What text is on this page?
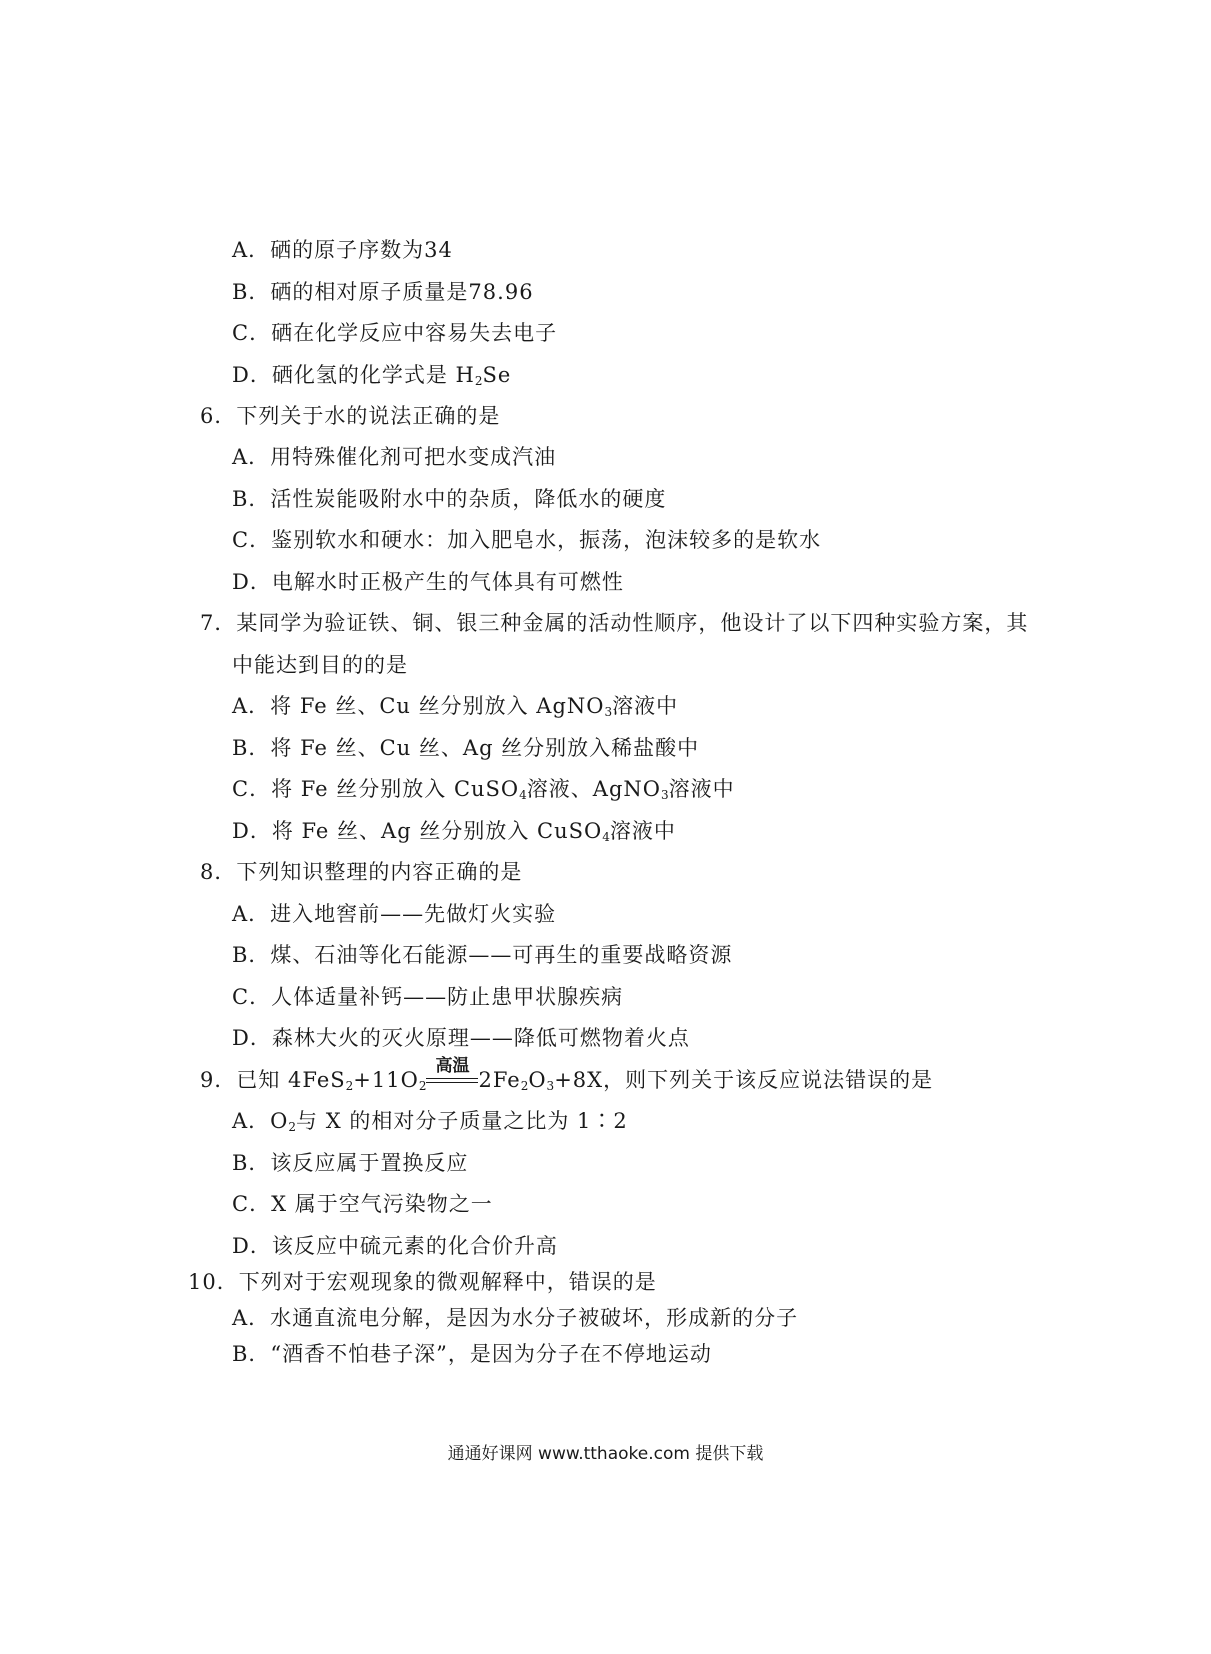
A．硒的原子序数为34
B．硒的相对原子质量是78.96
C．硒在化学反应中容易失去电子
D．硒化氢的化学式是 $H_2Se$
6．下列关于水的说法正确的是
A．用特殊催化剂可把水变成汽油
B．活性炭能吸附水中的杂质，降低水的硬度
C．鉴别软水和硬水：加入肥皂水，振荡，泡沫较多的是软水
D．电解水时正极产生的气体具有可燃性
7．某同学为验证铁、铜、银三种金属的活动性顺序，他设计了以下四种实验方案，其
中能达到目的的是
A．将 Fe 丝、Cu 丝分别放入 AgNO$_3$溶液中
B．将 Fe 丝、Cu 丝、Ag 丝分别放入稀盐酸中
C．将 Fe 丝分别放入 CuSO$_4$溶液、AgNO$_3$溶液中
D．将 Fe 丝、Ag 丝分别放入 CuSO$_4$溶液中
8．下列知识整理的内容正确的是
A．进入地窖前——先做灯火实验
B．煤、石油等化石能源——可再生的重要战略资源
C．人体适量补钙——防止患甲状腺疾病
D．森林大火的灭火原理——降低可燃物着火点
9．已知 $4FeS_2+11O_2$
高温
$2Fe_2O_3+8X$，则下列关于该反应说法错误的是
A．$O_2$与 X 的相对分子质量之比为 1∶2
B．该反应属于置换反应
C．X 属于空气污染物之一
D．该反应中硫元素的化合价升高
10．下列对于宏观现象的微观解释中，错误的是
A．水通直流电分解，是因为水分子被破坏，形成新的分子
B．“酒香不怕巷子深”，是因为分子在不停地运动
通通好课网 www.tthaoke.com 提供下载
